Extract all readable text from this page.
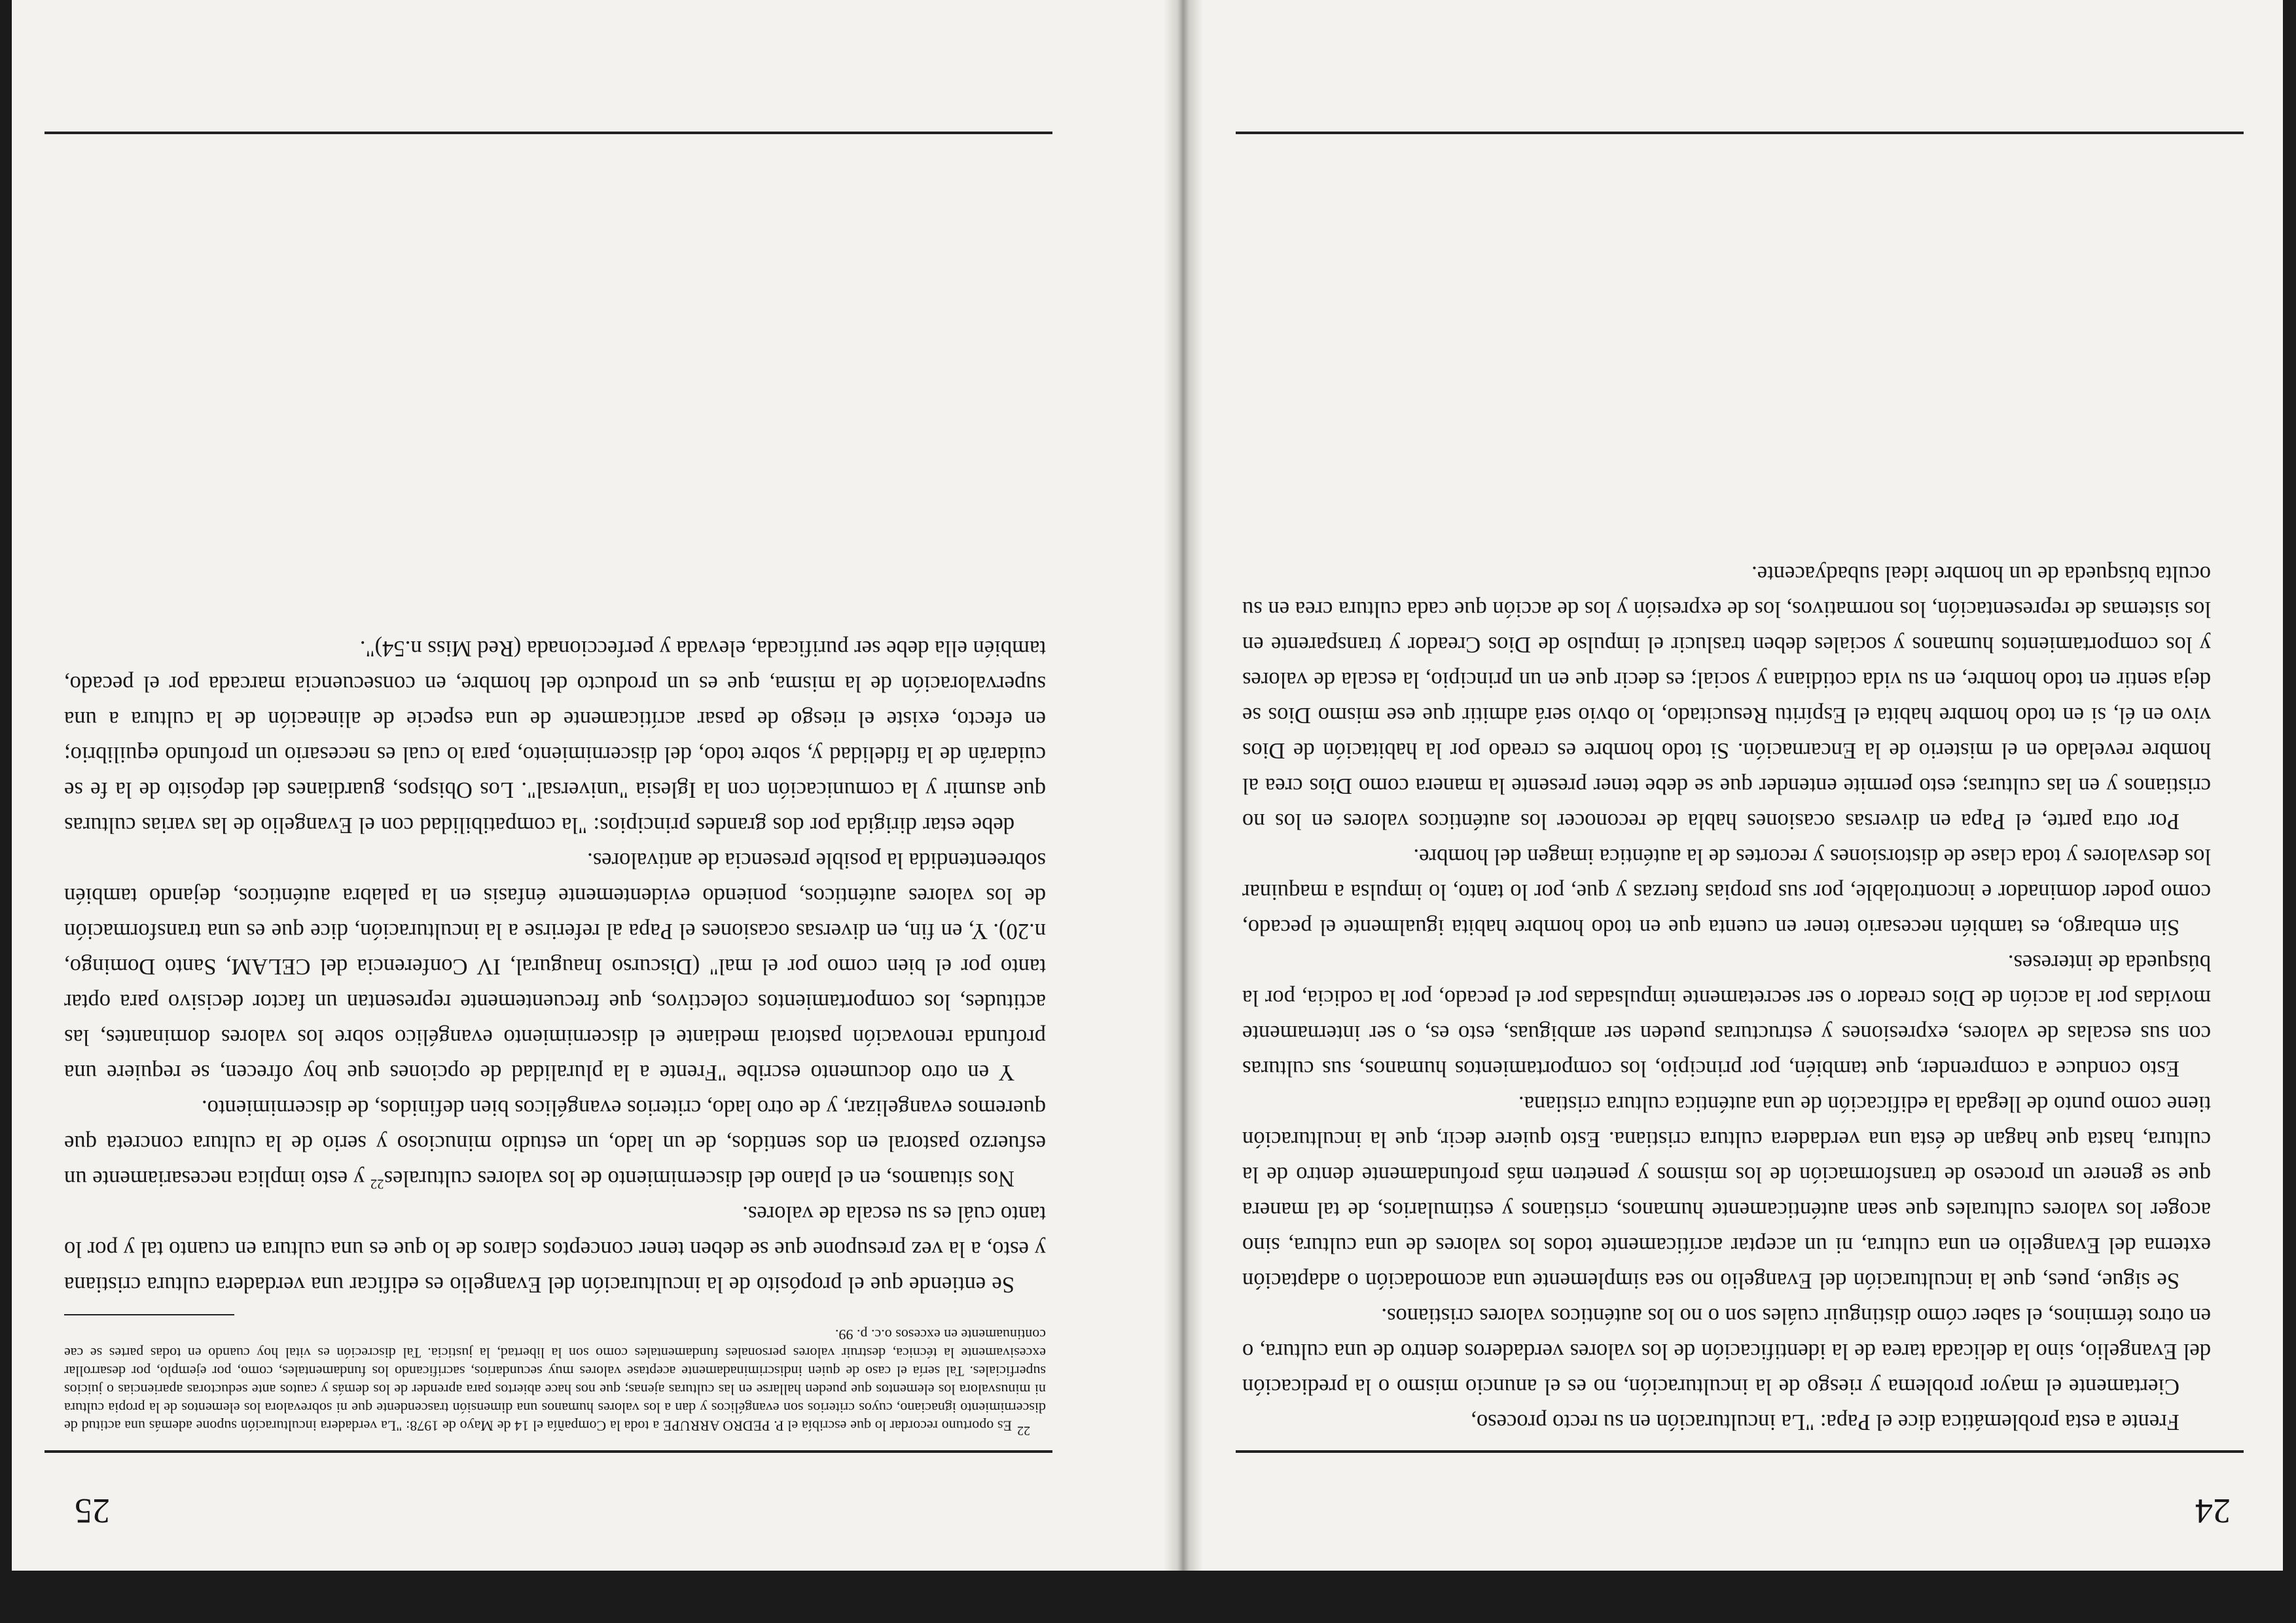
24

Frente a esta problemática dice el Papa: "La inculturación en su recto proceso,

Ciertamente el mayor problema y riesgo de la inculturación, no es el anuncio mismo o la predicación del Evangelio, sino la delicada tarea de la identificación de los valores verdaderos dentro de una cultura, o en otros términos, el saber cómo distinguir cuáles son o no los auténticos valores cristianos.

Se sigue, pues, que la inculturación del Evangelio no sea simplemente una acomodación o adaptación externa del Evangelio en una cultura, ni un aceptar acríticamente todos los valores de una cultura, sino acoger los valores culturales que sean auténticamente humanos, cristianos y estimularios, de tal manera que se genere un proceso de transformación de los mismos y penetren más profundamente dentro de la cultura, hasta que hagan de ésta una verdadera cultura cristiana. Esto quiere decir, que la inculturación tiene como punto de llegada la edificación de una auténtica cultura cristiana.

Esto conduce a comprender, que también, por principio, los comportamientos humanos, sus culturas con sus escalas de valores, expresiones y estructuras pueden ser ambiguas, esto es, o ser internamente movidas por la acción de Dios creador o ser secretamente impulsadas por el pecado, por la codicia, por la búsqueda de intereses.

Sin embargo, es también necesario tener en cuenta que en todo hombre habita igualmente el pecado, como poder dominador e incontrolable, por sus propias fuerzas y que, por lo tanto, lo impulsa a maquinar los desvalores y toda clase de distorsiones y recortes de la auténtica imagen del hombre.

Por otra parte, el Papa en diversas ocasiones habla de reconocer los auténticos valores en los no cristianos y en las culturas; esto permite entender que se debe tener presente la manera como Dios crea al hombre revelado en el misterio de la Encarnación. Si todo hombre es creado por la habitación de Dios vivo en él, si en todo hombre habita el Espíritu Resucitado, lo obvio será admitir que ese mismo Dios se deja sentir en todo hombre, en su vida cotidiana y social; es decir que en un principio, la escala de valores y los comportamientos humanos y sociales deben traslucir el impulso de Dios Creador y transparente en los sistemas de representación, los normativos, los de expresión y los de acción que cada cultura crea en su oculta búsqueda de un hombre ideal subadyacente.

25

22Es oportuno recordar lo que escribía el P. PEDRO ARRUPE a toda la Compañía el 14 de Mayo de 1978: "La verdadera inculturación supone además una actitud de discernimiento ignaciano, cuyos criterios son evangélicos y dan a los valores humanos una dimensión trascendente que ni sobrevalora los elementos de la propia cultura ni minusvalora los elementos que pueden hallarse en las culturas ajenas; que nos hace abiertos para aprender de los demás y cautos ante seductoras apariencias o juicios superficiales. Tal sería el caso de quien indiscriminadamente aceptase valores muy secundarios, sacrificando los fundamentales, como, por ejemplo, por desarrollar excesivamente la técnica, destruir valores personales fundamentales como son la libertad, la justicia. Tal discreción es vital hoy cuando en todas partes se cae continuamente en excesos o.c. p. 99.

Se entiende que el propósito de la inculturación del Evangelio es edificar una verdadera cultura cristiana y esto, a la vez presupone que se deben tener conceptos claros de lo que es una cultura en cuanto tal y por lo tanto cuál es su escala de valores.

Nos situamos, en el plano del discernimiento de los valores culturales$^{22}$ y esto implica necesariamente un esfuerzo pastoral en dos sentidos, de un lado, un estudio minucioso y serio de la cultura concreta que queremos evangelizar, y de otro lado, criterios evangélicos bien definidos, de discernimiento.

Y en otro documento escribe "Frente a la pluralidad de opciones que hoy ofrecen, se requiere una profunda renovación pastoral mediante el discernimiento evangélico sobre los valores dominantes, las actitudes, los comportamientos colectivos, que frecuentemente representan un factor decisivo para optar tanto por el bien como por el mal" (Discurso Inaugural, IV Conferencia del CELAM, Santo Domingo, n.20). Y, en fin, en diversas ocasiones el Papa al referirse a la inculturación, dice que es una transformación de los valores auténticos, poniendo evidentemente énfasis en la palabra auténticos, dejando también sobreentendida la posible presencia de antivalores.

debe estar dirigida por dos grandes principios: "la compatibilidad con el Evangelio de las varias culturas que asumir y la comunicación con la Iglesia "universal". Los Obispos, guardianes del depósito de la fe se cuidarán de la fidelidad y, sobre todo, del discernimiento, para lo cual es necesario un profundo equilibrio; en efecto, existe el riesgo de pasar acríticamente de una especie de alineación de la cultura a una supervaloración de la misma, que es un producto del hombre, en consecuencia marcada por el pecado, también ella debe ser purificada, elevada y perfeccionada (Red Miss n.54)".
